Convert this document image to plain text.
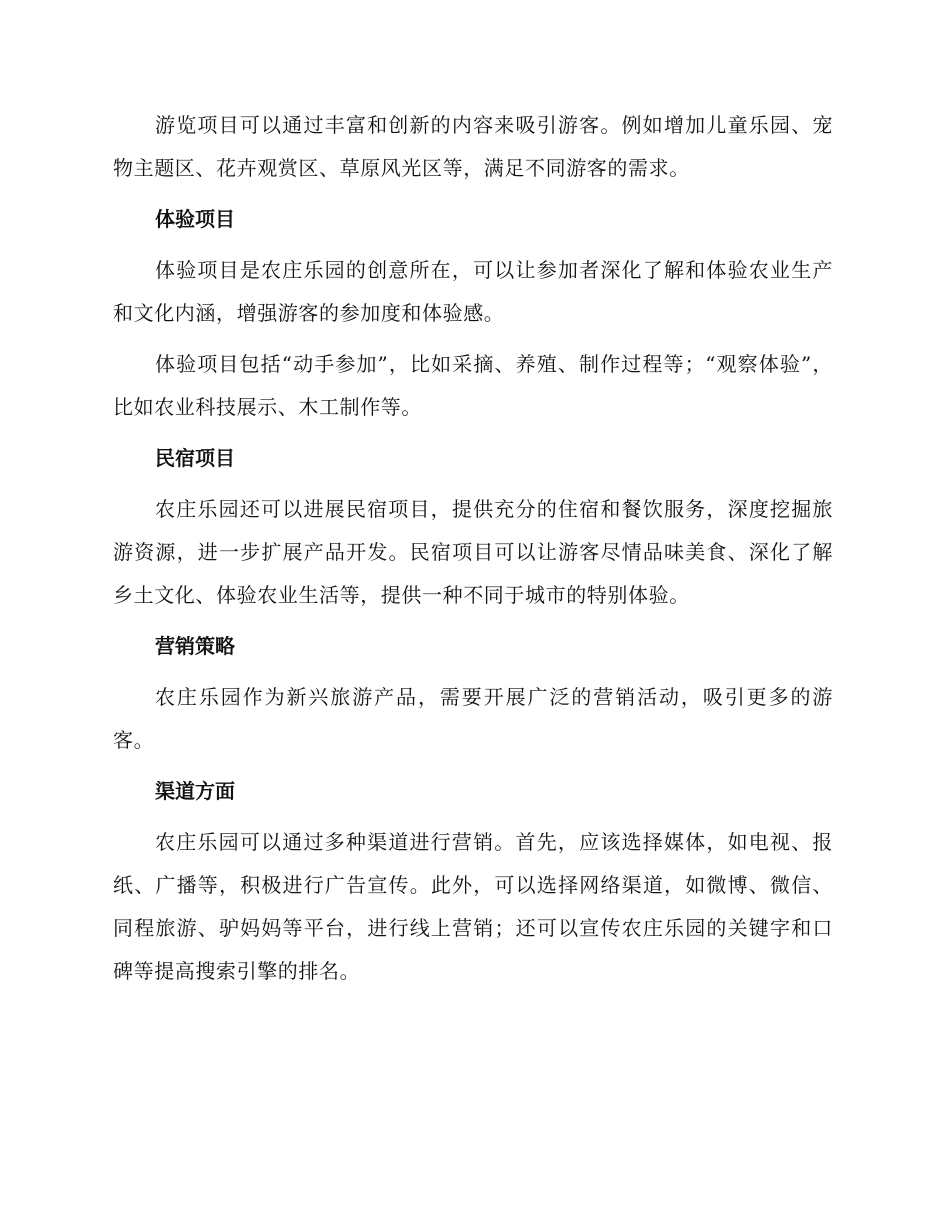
游览项目可以通过丰富和创新的内容来吸引游客。例如增加儿童乐园、宠物主题区、花卉观赏区、草原风光区等，满足不同游客的需求。

体验项目

体验项目是农庄乐园的创意所在，可以让参加者深化了解和体验农业生产和文化内涵，增强游客的参加度和体验感。

体验项目包括“动手参加”，比如采摘、养殖、制作过程等；“观察体验”，比如农业科技展示、木工制作等。

民宿项目

农庄乐园还可以进展民宿项目，提供充分的住宿和餐饮服务，深度挖掘旅游资源，进一步扩展产品开发。民宿项目可以让游客尽情品味美食、深化了解乡土文化、体验农业生活等，提供一种不同于城市的特别体验。

营销策略

农庄乐园作为新兴旅游产品，需要开展广泛的营销活动，吸引更多的游客。

渠道方面

农庄乐园可以通过多种渠道进行营销。首先，应该选择媒体，如电视、报纸、广播等，积极进行广告宣传。此外，可以选择网络渠道，如微博、微信、同程旅游、驴妈妈等平台，进行线上营销；还可以宣传农庄乐园的关键字和口碑等提高搜索引擎的排名。
